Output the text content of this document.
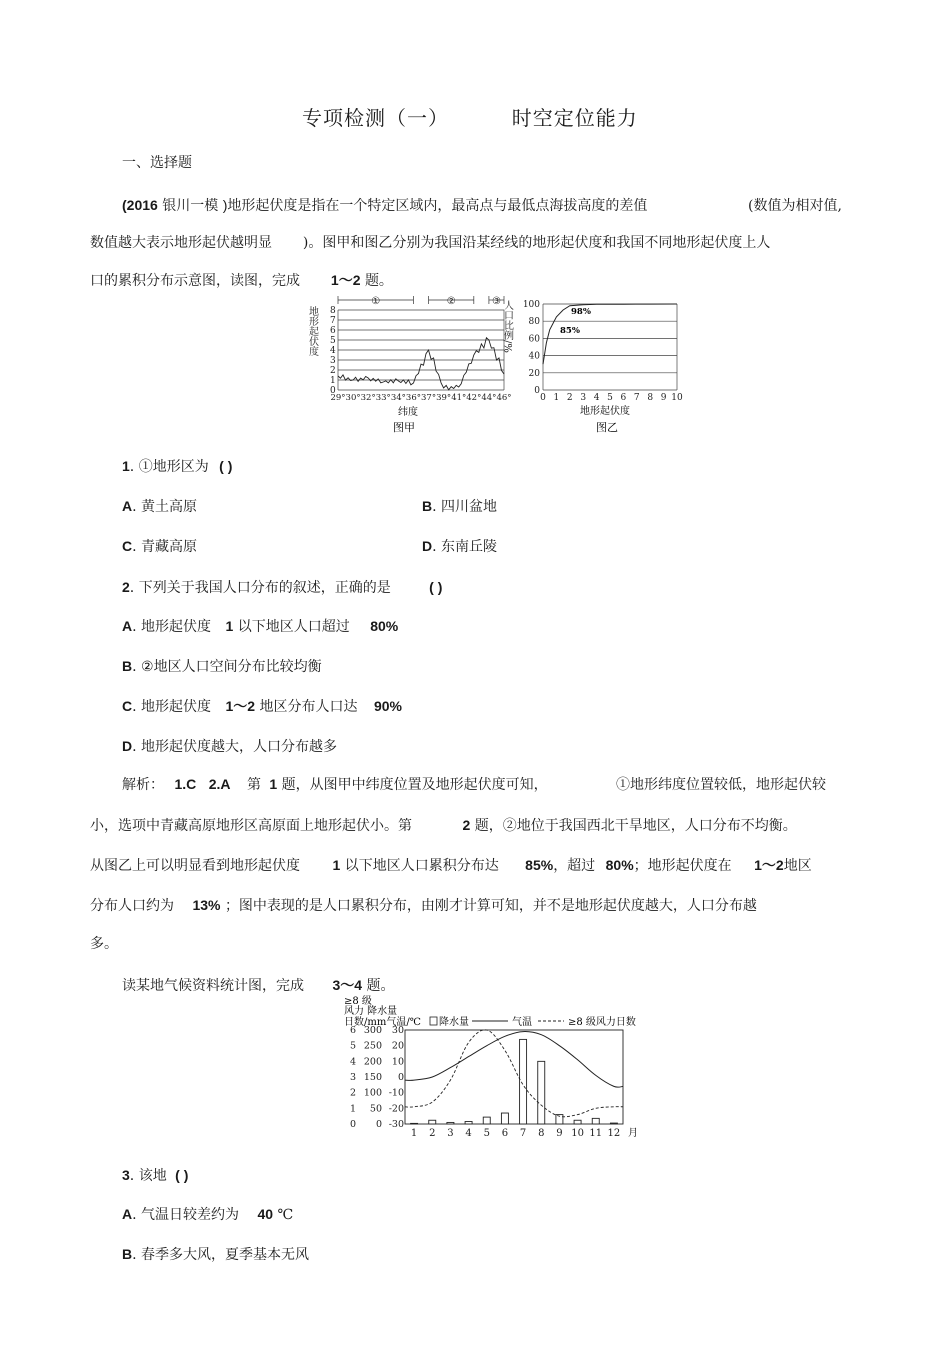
专项检测（一）	时空定位能力
一、选择题
(2016 银川一模 )地形起伏度是指在一个特定区域内，最高点与最低点海拔高度的差值	(数值为相对值,
数值越大表示地形起伏越明显 )。图甲和图乙分别为我国沿某经线的地形起伏度和我国不同地形起伏度上人
口的累积分布示意图，读图，完成 1～2 题。
地形起伏度 8
7
6
5
4
3
2
1
0
①	②	③
29° 30° 32° 33° 34° 36° 37° 39° 41° 42° 44° 46°
纬度
图甲
人口比例/% 100
80
60
40
20
0
0 1 2 3 4 5 6 7 8 9 10
98%
85%
地形起伏度
图乙
1. ①地形区为 ( )
A. 黄土高原	B. 四川盆地
C. 青藏高原	D. 东南丘陵
2. 下列关于我国人口分布的叙述，正确的是	( )
A. 地形起伏度 1 以下地区人口超过 80%
B. ②地区人口空间分布比较均衡
C. 地形起伏度 1～2 地区分布人口达 90%
D. 地形起伏度越大，人口分布越多
解析： 1.C 2.A 第 1 题，从图甲中纬度位置及地形起伏度可知，	①地形纬度位置较低，地形起伏较
小，选项中青藏高原地形区高原面上地形起伏小。第	2 题，②地位于我国西北干旱地区，人口分布不均衡。
从图乙上可以明显看到地形起伏度 1 以下地区人口累积分布达 85%，超过 80%；地形起伏度在 1～2地区
分布人口约为 13% ；图中表现的是人口累积分布，由刚才计算可知，并不是地形起伏度越大，人口分布越
多。
读某地气候资料统计图，完成 3～4 题。
≥8 级
风力 降水量
日数/mm气温/℃ 降水量	气温	≥8 级风力日数
6 300 30
5 250 20
4 200 10
3 150 0
2 100 -10
1 50 -20
0 0 -30
1 2 3 4 5 6 7 8 9 10 11 12 月
3. 该地 ( )
A. 气温日较差约为 40 ℃
B. 春季多大风，夏季基本无风
